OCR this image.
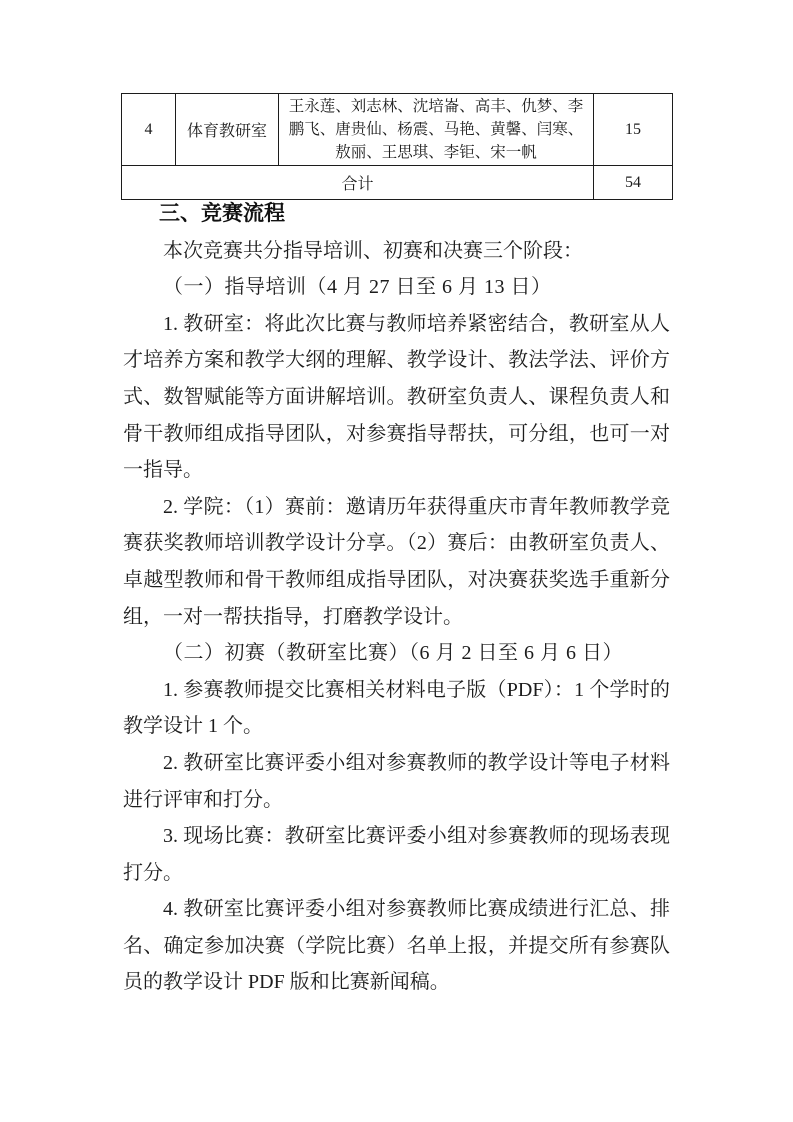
4	体育教研室	王永莲、刘志林、沈培崙、高丰、仇梦、李鹏飞、唐贵仙、杨震、马艳、黄馨、闫寒、敖丽、王思琪、李钜、宋一帆	15
合计			54
三、竞赛流程
本次竞赛共分指导培训、初赛和决赛三个阶段：
（一）指导培训（4 月 27 日至 6 月 13 日）
1. 教研室：将此次比赛与教师培养紧密结合，教研室从人才培养方案和教学大纲的理解、教学设计、教法学法、评价方式、数智赋能等方面讲解培训。教研室负责人、课程负责人和骨干教师组成指导团队，对参赛指导帮扶，可分组，也可一对一指导。
2. 学院：（1）赛前：邀请历年获得重庆市青年教师教学竞赛获奖教师培训教学设计分享。（2）赛后：由教研室负责人、卓越型教师和骨干教师组成指导团队，对决赛获奖选手重新分组，一对一帮扶指导，打磨教学设计。
（二）初赛（教研室比赛）（6 月 2 日至 6 月 6 日）
1. 参赛教师提交比赛相关材料电子版（PDF）：1 个学时的教学设计 1 个。
2. 教研室比赛评委小组对参赛教师的教学设计等电子材料进行评审和打分。
3. 现场比赛：教研室比赛评委小组对参赛教师的现场表现打分。
4. 教研室比赛评委小组对参赛教师比赛成绩进行汇总、排名、确定参加决赛（学院比赛）名单上报，并提交所有参赛队员的教学设计 PDF 版和比赛新闻稿。
